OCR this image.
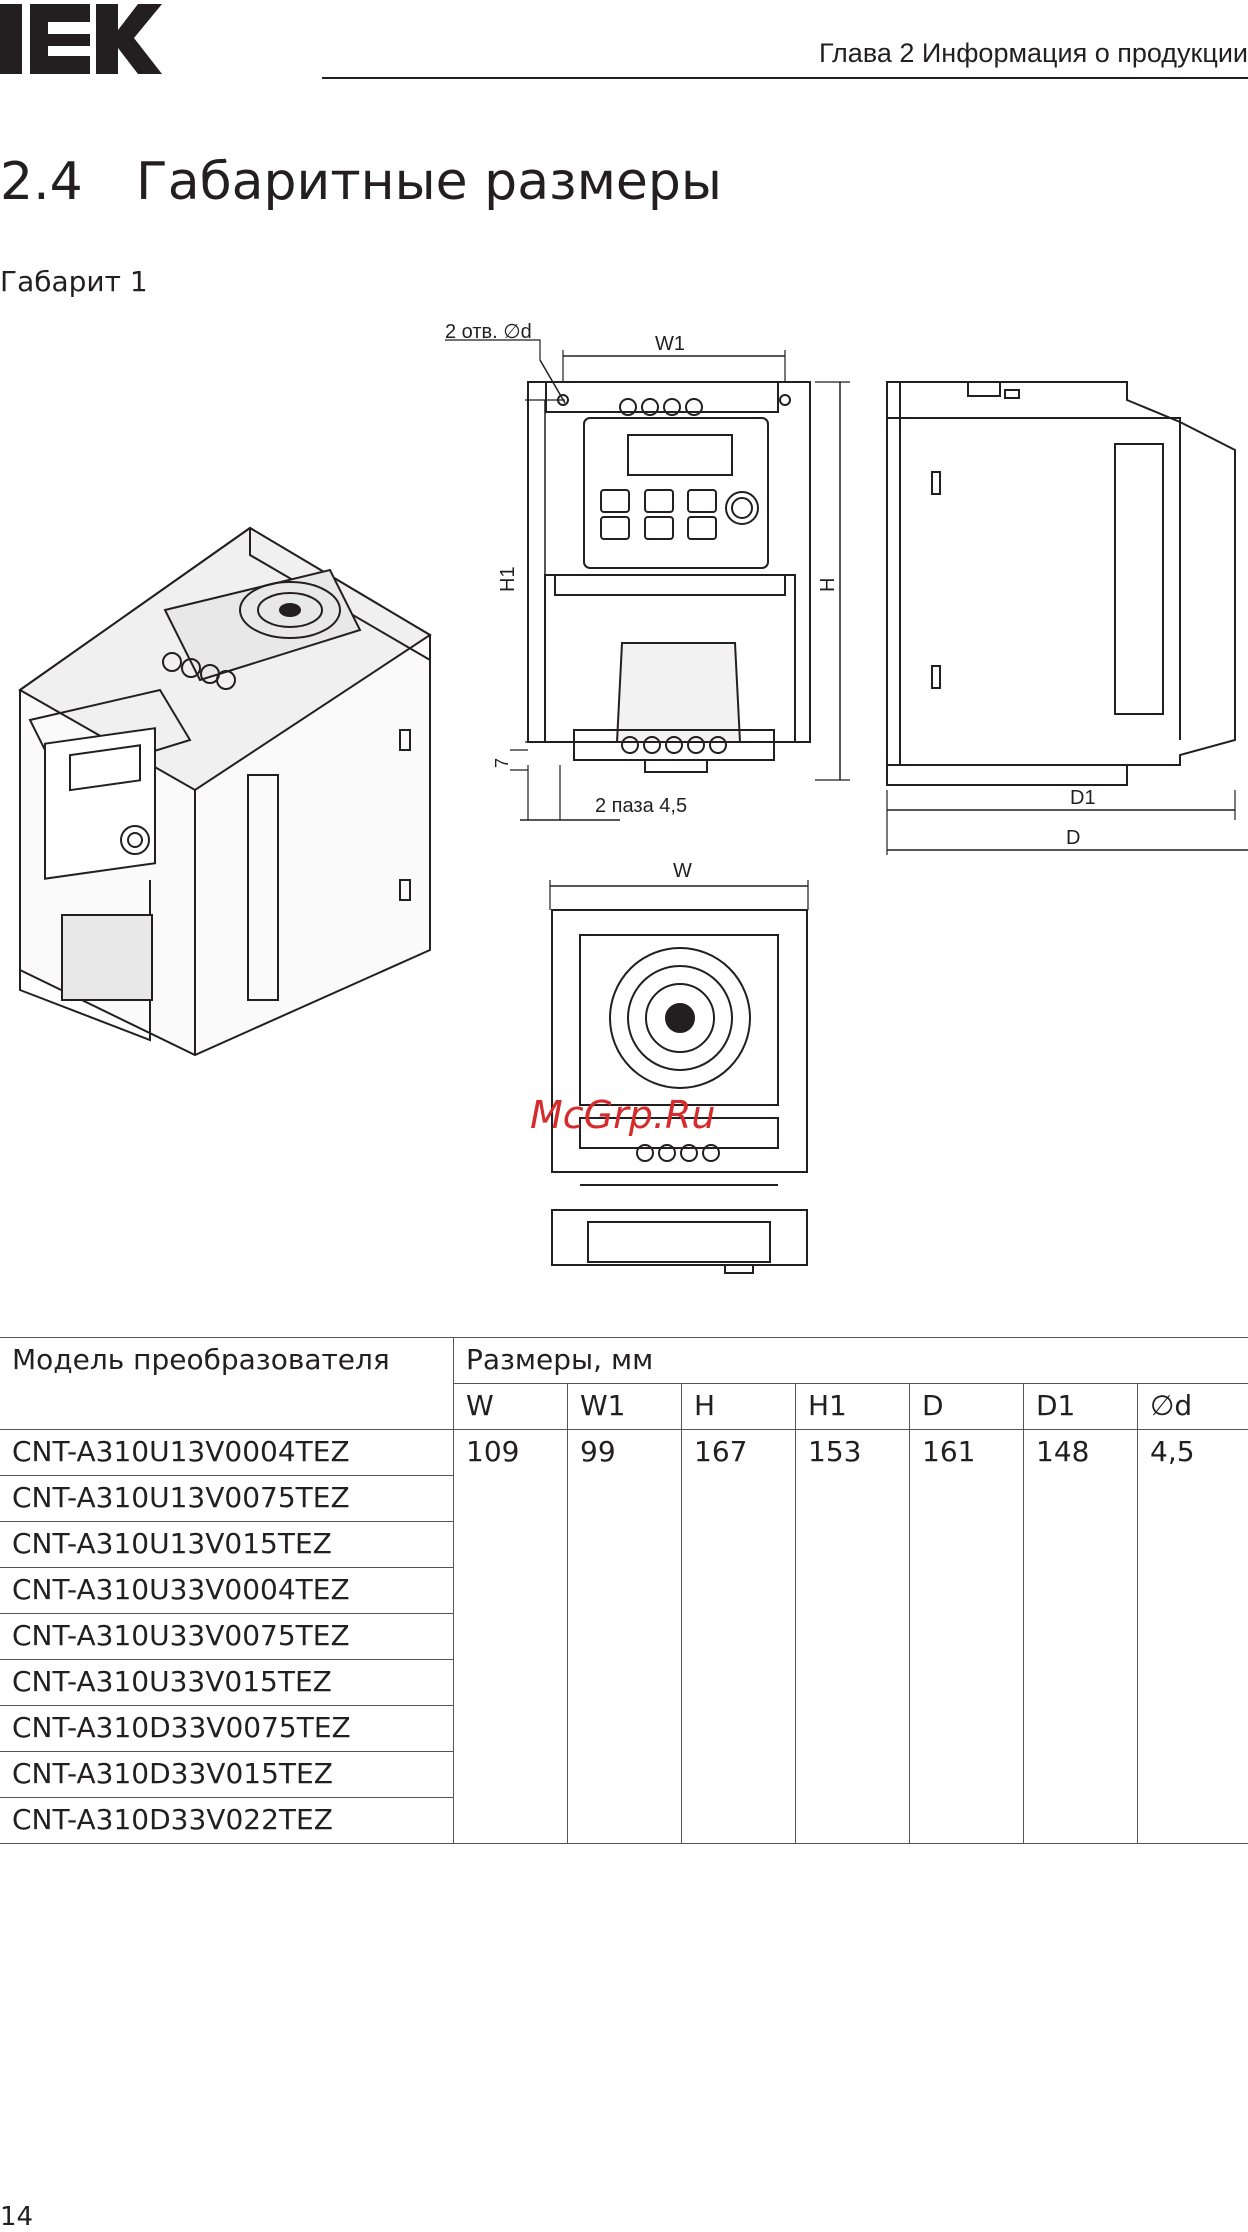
Глава 2 Информация о продукции
2.4 Габаритные размеры
Габарит 1
2 отв. ∅d
W1
H1	H
7
2 паза 4,5	D1
D
W
McGrp.Ru
Модель преобразователя	Размеры, мм						
	W	W1	H	H1	D	D1	∅d
CNT-A310U13V0004TEZ	109	99	167	153	161	148	4,5
CNT-A310U13V0075TEZ							
CNT-A310U13V015TEZ							
CNT-A310U33V0004TEZ							
CNT-A310U33V0075TEZ							
CNT-A310U33V015TEZ							
CNT-A310D33V0075TEZ							
CNT-A310D33V015TEZ							
CNT-A310D33V022TEZ							
14
